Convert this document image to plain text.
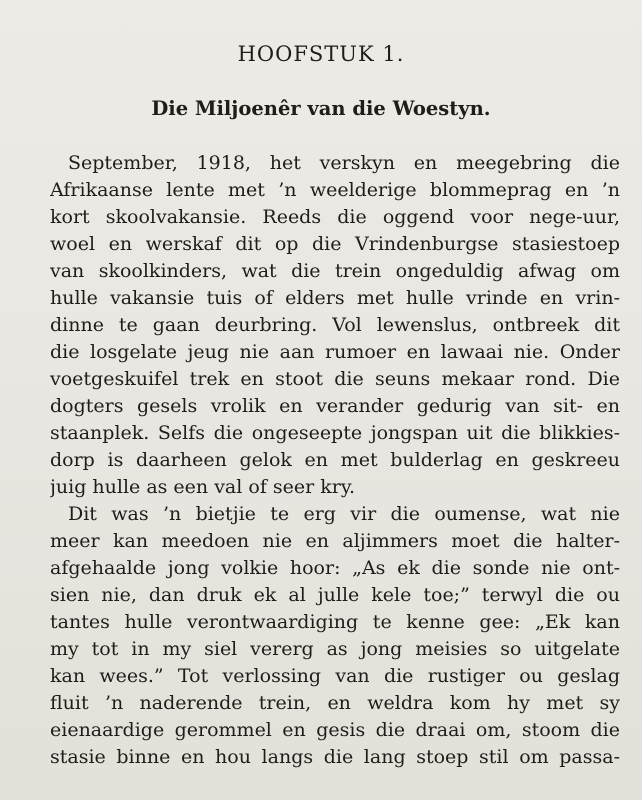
HOOFSTUK 1.
Die Miljoenêr van die Woestyn.
September, 1918, het verskyn en meegebring die
Afrikaanse lente met ’n weelderige blommeprag en ’n
kort skoolvakansie. Reeds die oggend voor nege-uur,
woel en werskaf dit op die Vrindenburgse stasiestoep
van skoolkinders, wat die trein ongeduldig afwag om
hulle vakansie tuis of elders met hulle vrinde en vrin-
dinne te gaan deurbring. Vol lewenslus, ontbreek dit
die losgelate jeug nie aan rumoer en lawaai nie. Onder
voetgeskuifel trek en stoot die seuns mekaar rond. Die
dogters gesels vrolik en verander gedurig van sit- en
staanplek. Selfs die ongeseepte jongspan uit die blikkies-
dorp is daarheen gelok en met bulderlag en geskreeu
juig hulle as een val of seer kry.
Dit was ’n bietjie te erg vir die oumense, wat nie
meer kan meedoen nie en aljimmers moet die halter-
afgehaalde jong volkie hoor: „As ek die sonde nie ont-
sien nie, dan druk ek al julle kele toe;” terwyl die ou
tantes hulle verontwaardiging te kenne gee: „Ek kan
my tot in my siel vererg as jong meisies so uitgelate
kan wees.” Tot verlossing van die rustiger ou geslag
fluit ’n naderende trein, en weldra kom hy met sy
eienaardige gerommel en gesis die draai om, stoom die
stasie binne en hou langs die lang stoep stil om passa-
